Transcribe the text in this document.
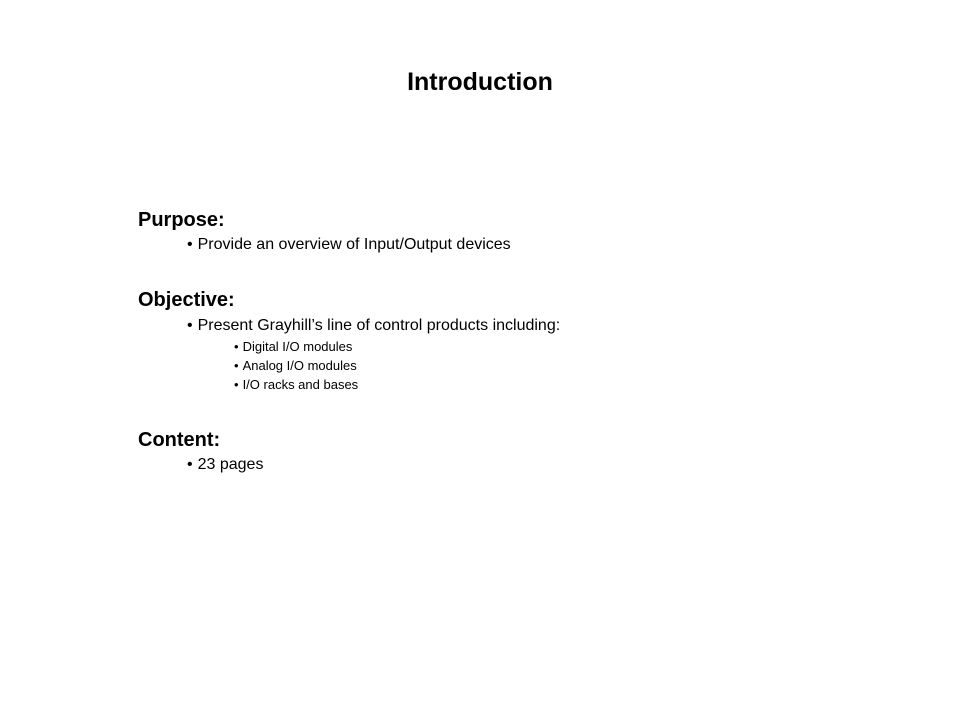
Introduction
Purpose:
• Provide an overview of Input/Output devices
Objective:
• Present Grayhill’s line of control products including:
• Digital I/O modules
• Analog I/O modules
• I/O racks and bases
Content:
• 23 pages
